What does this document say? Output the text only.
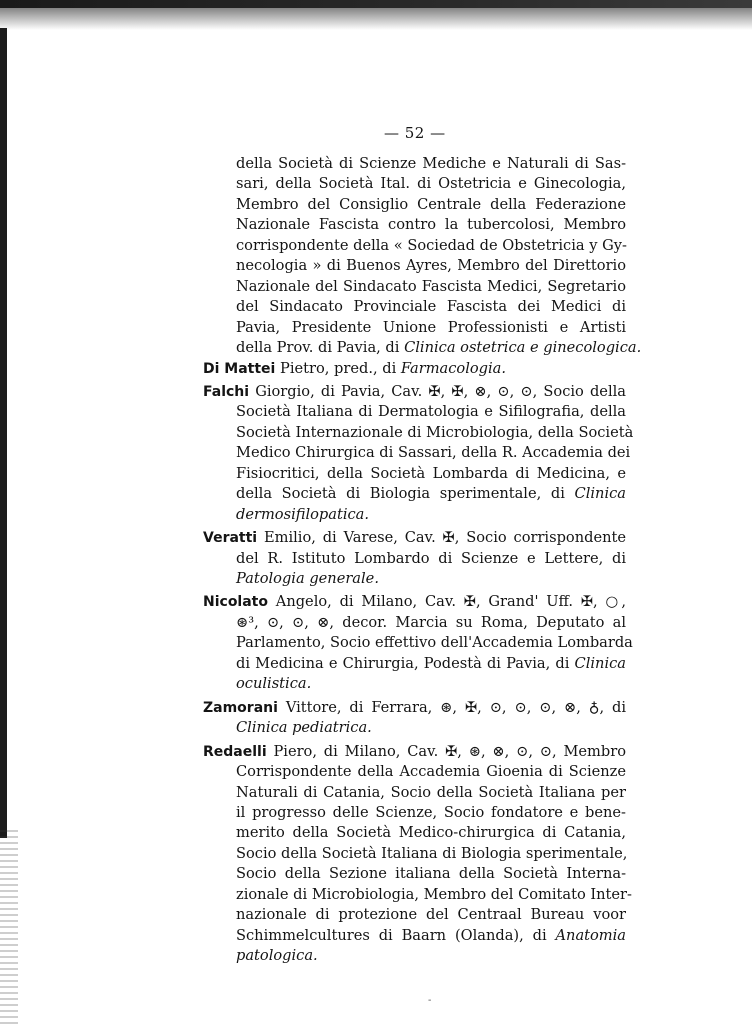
— 52 —
della Società di Scienze Mediche e Naturali di Sas-
sari, della Società Ital. di Ostetricia e Ginecologia,
Membro del Consiglio Centrale della Federazione
Nazionale Fascista contro la tubercolosi, Membro
corrispondente della « Sociedad de Obstetricia y Gy-
necologia » di Buenos Ayres, Membro del Direttorio
Nazionale del Sindacato Fascista Medici, Segretario
del Sindacato Provinciale Fascista dei Medici di
Pavia, Presidente Unione Professionisti e Artisti
della Prov. di Pavia, di Clinica ostetrica e ginecologica.
Di Mattei Pietro, pred., di Farmacologia.
Falchi Giorgio, di Pavia, Cav. ✠, ✠, ⊗, ⊙, ⊙, Socio della
Società Italiana di Dermatologia e Sifilografia, della
Società Internazionale di Microbiologia, della Società
Medico Chirurgica di Sassari, della R. Accademia dei
Fisiocritici, della Società Lombarda di Medicina, e
della Società di Biologia sperimentale, di Clinica
dermosifilopatica.
Veratti Emilio, di Varese, Cav. ✠, Socio corrispondente
del R. Istituto Lombardo di Scienze e Lettere, di
Patologia generale.
Nicolato Angelo, di Milano, Cav. ✠, Grand' Uff. ✠, ○,
⊛³, ⊙, ⊙, ⊗, decor. Marcia su Roma, Deputato al
Parlamento, Socio effettivo dell'Accademia Lombarda
di Medicina e Chirurgia, Podestà di Pavia, di Clinica
oculistica.
Zamorani Vittore, di Ferrara, ⊛, ✠, ⊙, ⊙, ⊙, ⊗, ♁, di
Clinica pediatrica.
Redaelli Piero, di Milano, Cav. ✠, ⊛, ⊗, ⊙, ⊙, Membro
Corrispondente della Accademia Gioenia di Scienze
Naturali di Catania, Socio della Società Italiana per
il progresso delle Scienze, Socio fondatore e bene-
merito della Società Medico-chirurgica di Catania,
Socio della Società Italiana di Biologia sperimentale,
Socio della Sezione italiana della Società Interna-
zionale di Microbiologia, Membro del Comitato Inter-
nazionale di protezione del Centraal Bureau voor
Schimmelcultures di Baarn (Olanda), di Anatomia
patologica.
-
